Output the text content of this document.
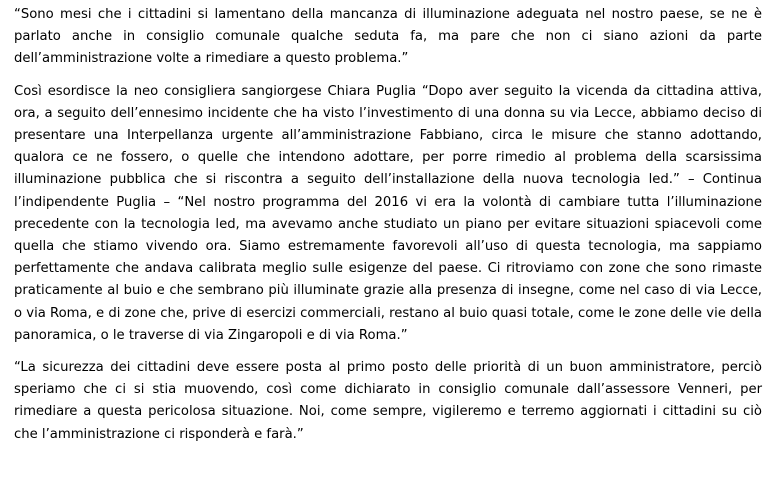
“Sono mesi che i cittadini si lamentano della mancanza di illuminazione adeguata nel nostro paese, se ne è parlato anche in consiglio comunale qualche seduta fa, ma pare che non ci siano azioni da parte dell’amministrazione volte a rimediare a questo problema.”

Così esordisce la neo consigliera sangiorgese Chiara Puglia “Dopo aver seguito la vicenda da cittadina attiva, ora, a seguito dell’ennesimo incidente che ha visto l’investimento di una donna su via Lecce, abbiamo deciso di presentare una Interpellanza urgente all’amministrazione Fabbiano, circa le misure che stanno adottando, qualora ce ne fossero, o quelle che intendono adottare, per porre rimedio al problema della scarsissima illuminazione pubblica che si riscontra a seguito dell’installazione della nuova tecnologia led.” – Continua l’indipendente Puglia – “Nel nostro programma del 2016 vi era la volontà di cambiare tutta l’illuminazione precedente con la tecnologia led, ma avevamo anche studiato un piano per evitare situazioni spiacevoli come quella che stiamo vivendo ora. Siamo estremamente favorevoli all’uso di questa tecnologia, ma sappiamo perfettamente che andava calibrata meglio sulle esigenze del paese. Ci ritroviamo con zone che sono rimaste praticamente al buio e che sembrano più illuminate grazie alla presenza di insegne, come nel caso di via Lecce, o via Roma, e di zone che, prive di esercizi commerciali, restano al buio quasi totale, come le zone delle vie della panoramica, o le traverse di via Zingaropoli e di via Roma.”

“La sicurezza dei cittadini deve essere posta al primo posto delle priorità di un buon amministratore, perciò speriamo che ci si stia muovendo, così come dichiarato in consiglio comunale dall’assessore Venneri, per rimediare a questa pericolosa situazione. Noi, come sempre, vigileremo e terremo aggiornati i cittadini su ciò che l’amministrazione ci risponderà e farà.”
